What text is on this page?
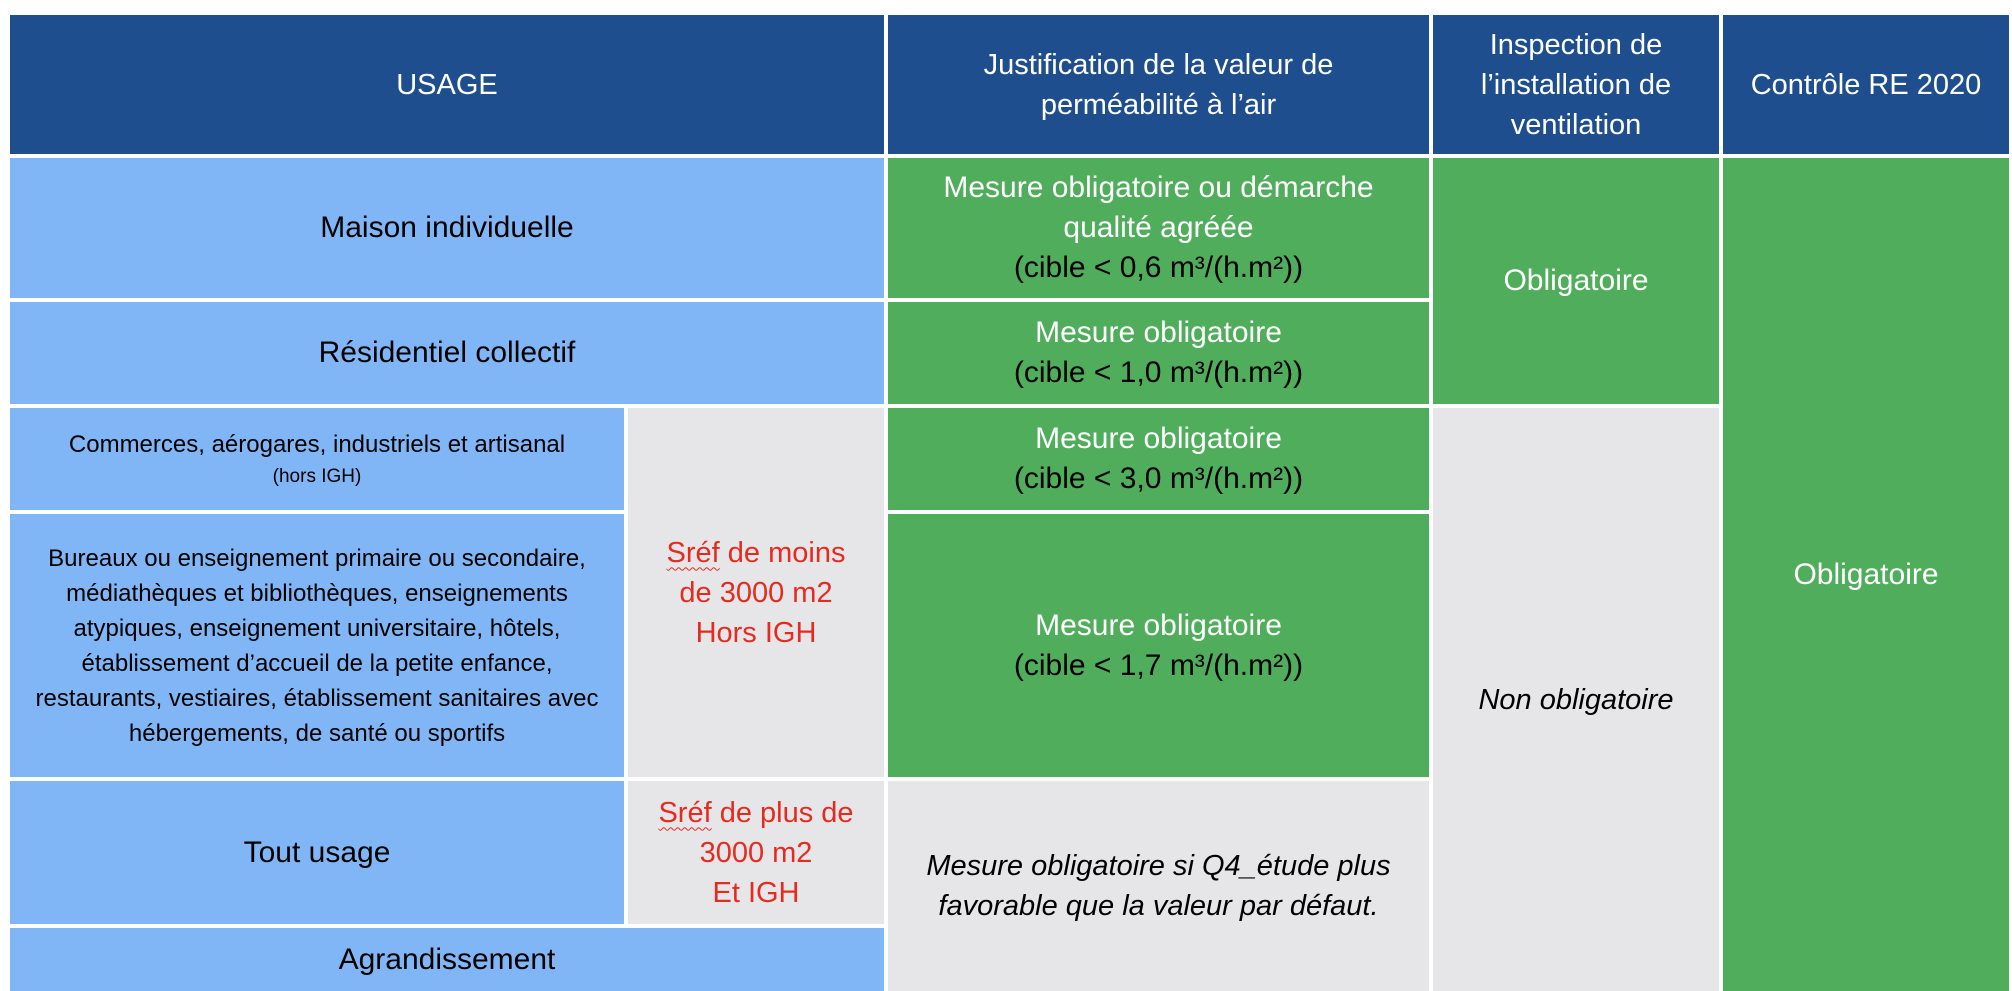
USAGE
Justification de la valeur de perméabilité à l’air
Inspection de l’installation de ventilation
Contrôle RE 2020
Maison individuelle
Mesure obligatoire ou démarche qualité agréée
(cible < 0,6 m³/(h.m²))	Obligatoire
Obligatoire
Résidentiel collectif
Mesure obligatoire
(cible < 1,0 m³/(h.m²))
Commerces, aérogares, industriels et artisanal
(hors IGH)
Sréf de moins de 3000 m2
Hors IGH
Mesure obligatoire
(cible < 3,0 m³/(h.m²))
Non obligatoire
Bureaux ou enseignement primaire ou secondaire, médiathèques et bibliothèques, enseignements atypiques, enseignement universitaire, hôtels, établissement d’accueil de la petite enfance, restaurants, vestiaires, établissement sanitaires avec hébergements, de santé ou sportifs
Mesure obligatoire
(cible < 1,7 m³/(h.m²))
Tout usage
Sréf de plus de 3000 m2
Et IGH
Mesure obligatoire si Q4_étude plus favorable que la valeur par défaut.
Agrandissement
